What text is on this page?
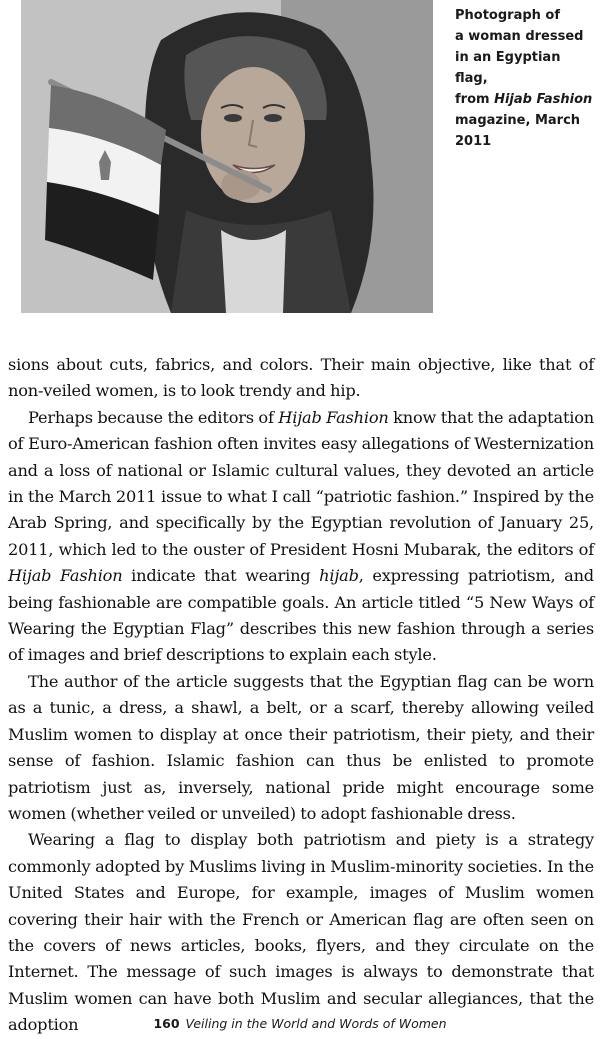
Photograph of
a woman dressed
in an Egyptian flag,
from Hijab Fashion
magazine, March
2011

sions about cuts, fabrics, and colors. Their main objective, like that of non-veiled women, is to look trendy and hip.

Perhaps because the editors of Hijab Fashion know that the adaptation of Euro-American fashion often invites easy allegations of Westernization and a loss of national or Islamic cultural values, they devoted an article in the March 2011 issue to what I call “patriotic fashion.” Inspired by the Arab Spring, and specifically by the Egyptian revolution of January 25, 2011, which led to the ouster of President Hosni Mubarak, the editors of Hijab Fashion indicate that wearing hijab, expressing patriotism, and being fashionable are compatible goals. An article titled “5 New Ways of Wearing the Egyptian Flag” describes this new fashion through a series of images and brief descriptions to explain each style.

The author of the article suggests that the Egyptian flag can be worn as a tunic, a dress, a shawl, a belt, or a scarf, thereby allowing veiled Muslim women to display at once their patriotism, their piety, and their sense of fashion. Islamic fashion can thus be enlisted to promote patriotism just as, inversely, national pride might encourage some women (whether veiled or unveiled) to adopt fashionable dress.

Wearing a flag to display both patriotism and piety is a strategy commonly adopted by Muslims living in Muslim-minority societies. In the United States and Europe, for example, images of Muslim women covering their hair with the French or American flag are often seen on the covers of news articles, books, flyers, and they circulate on the Internet. The message of such images is always to demonstrate that Muslim women can have both Muslim and secular allegiances, that the adoption	160 Veiling in the World and Words of Women
